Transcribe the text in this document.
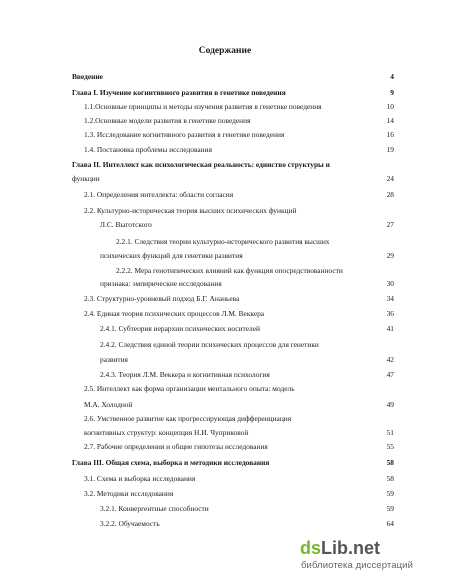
Содержание
Введение	4
Глава I. Изучение когнитивного развития в генетике поведения	9
1.1.Основные принципы и методы изучения развития в генетике поведения	10
1.2.Основные модели развития в генетике поведения	14
1.3. Исследование когнитивного развития в генетике поведения	16
1.4. Постановка проблемы исследования	19
Глава II. Интеллект как психологическая реальность: единство структуры и
функции	24
2.1. Определения интеллекта: области согласия	28
2.2. Культурно-историческая теория высших психических функций
Л.С. Выготского	27
2.2.1. Следствия теории культурно-исторического развития высших
психических функций для генетики развития	29
2.2.2. Мера генотипических влияний как функция опосредствованности
признака: эмпирические исследования	30
2.3. Структурно-уровневый подход Б.Г. Ананьева	34
2.4. Единая теория психических процессов Л.М. Веккера	36
2.4.1. Субтеория иерархии психических носителей	41
2.4.2. Следствия единой теории психических процессов для генетики
развития	42
2.4.3. Теория Л.М. Веккера и когнитивная психология	47
2.5. Интеллект как форма организации ментального опыта: модель
М.А. Холодной	49
2.6. Умственное развитие как прогрессирующая дифференциация
когнитивных структур: концепция Н.И. Чуприковой	51
2.7. Рабочие определения и общие гипотезы исследования	55
Глава III. Общая схема, выборка и методики исследования	58
3.1. Схема и выборка исследования	58
3.2. Методики исследования	59
3.2.1. Конвергентные способности	59
3.2.2. Обучаемость	64
dsLib.net
библиотека диссертаций
